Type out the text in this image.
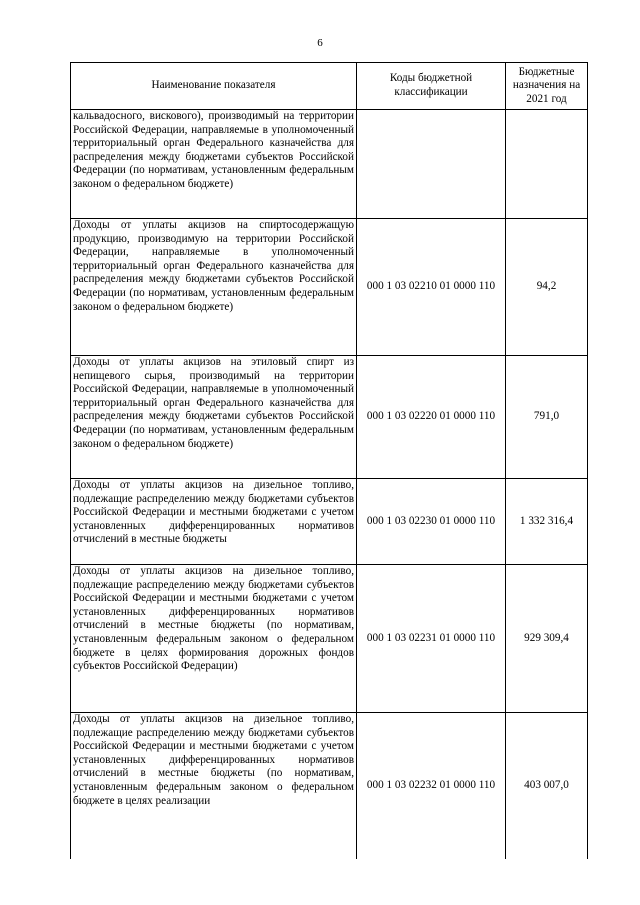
6
Наименование показателя	Коды бюджетной классификации	Бюджетные назначения на 2021 год
кальвадосного, вискового), производимый на территории Российской Федерации, направляемые в уполномоченный территориальный орган Федерального казначейства для распределения между бюджетами субъектов Российской Федерации (по нормативам, установленным федеральным законом о федеральном бюджете)		
Доходы от уплаты акцизов на спиртосодержащую продукцию, производимую на территории Российской Федерации, направляемые в уполномоченный территориальный орган Федерального казначейства для распределения между бюджетами субъектов Российской Федерации (по нормативам, установленным федеральным законом о федеральном бюджете)	000 1 03 02210 01 0000 110	94,2
Доходы от уплаты акцизов на этиловый спирт из непищевого сырья, производимый на территории Российской Федерации, направляемые в уполномоченный территориальный орган Федерального казначейства для распределения между бюджетами субъектов Российской Федерации (по нормативам, установленным федеральным законом о федеральном бюджете)	000 1 03 02220 01 0000 110	791,0
Доходы от уплаты акцизов на дизельное топливо, подлежащие распределению между бюджетами субъектов Российской Федерации и местными бюджетами с учетом установленных дифференцированных нормативов отчислений в местные бюджеты	000 1 03 02230 01 0000 110	1 332 316,4
Доходы от уплаты акцизов на дизельное топливо, подлежащие распределению между бюджетами субъектов Российской Федерации и местными бюджетами с учетом установленных дифференцированных нормативов отчислений в местные бюджеты (по нормативам, установленным федеральным законом о федеральном бюджете в целях формирования дорожных фондов субъектов Российской Федерации)	000 1 03 02231 01 0000 110	929 309,4
Доходы от уплаты акцизов на дизельное топливо, подлежащие распределению между бюджетами субъектов Российской Федерации и местными бюджетами с учетом установленных дифференцированных нормативов отчислений в местные бюджеты (по нормативам, установленным федеральным законом о федеральном бюджете в целях реализации	000 1 03 02232 01 0000 110	403 007,0
